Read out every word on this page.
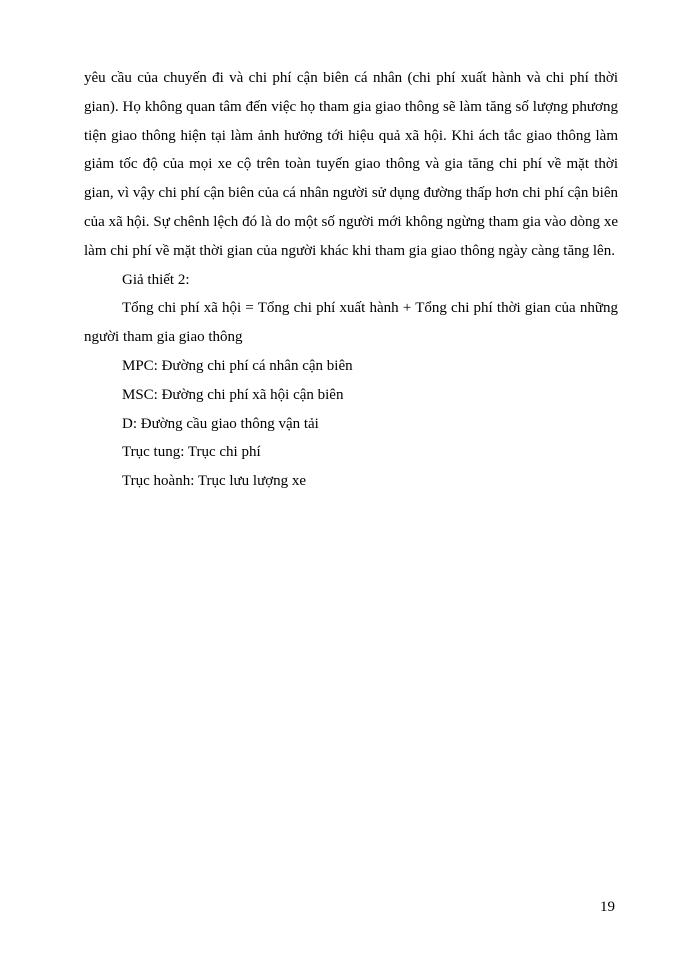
yêu cầu của chuyến đi và chi phí cận biên cá nhân (chi phí xuất hành và chi phí thời gian). Họ không quan tâm đến việc họ tham gia giao thông sẽ làm tăng số lượng phương tiện giao thông hiện tại làm ảnh hưởng tới hiệu quả xã hội. Khi ách tắc giao thông làm giảm tốc độ của mọi xe cộ trên toàn tuyến giao thông và gia tăng chi phí về mặt thời gian, vì vậy chi phí cận biên của cá nhân người sử dụng đường thấp hơn chi phí cận biên của xã hội. Sự chênh lệch đó là do một số người mới không ngừng tham gia vào dòng xe làm chi phí về mặt thời gian của người khác khi tham gia giao thông ngày càng tăng lên.

Giả thiết 2:

Tổng chi phí xã hội = Tổng chi phí xuất hành + Tổng chi phí thời gian của những người tham gia giao thông

MPC: Đường chi phí cá nhân cận biên
MSC: Đường chi phí xã hội cận biên
D: Đường cầu giao thông vận tải
Trục tung: Trục chi phí
Trục hoành: Trục lưu lượng xe
19
